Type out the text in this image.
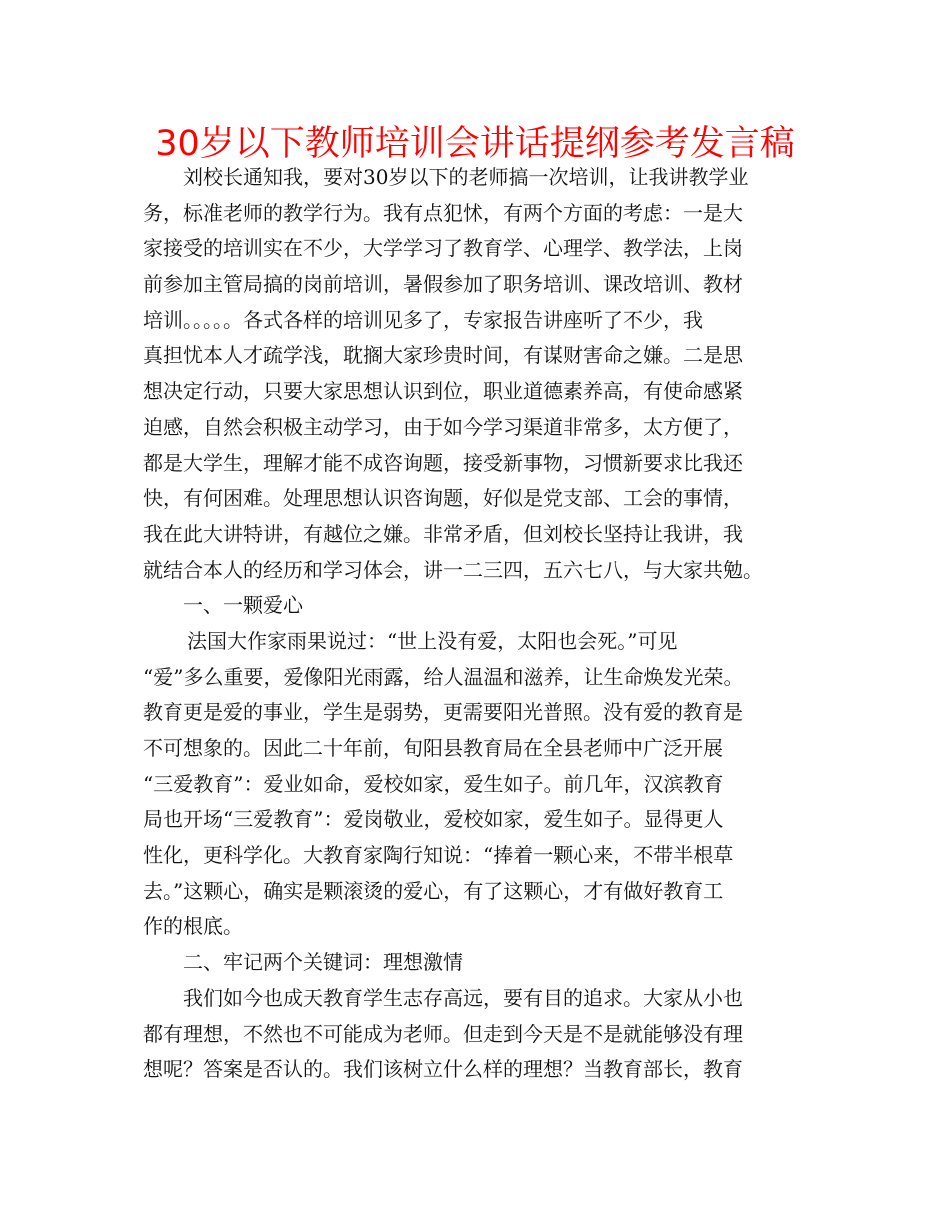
30岁以下教师培训会讲话提纲参考发言稿
刘校长通知我，要对30岁以下的老师搞一次培训，让我讲教学业
务，标准老师的教学行为。我有点犯怵，有两个方面的考虑：一是大
家接受的培训实在不少，大学学习了教育学、心理学、教学法，上岗
前参加主管局搞的岗前培训，暑假参加了职务培训、课改培训、教材
培训。。。。。各式各样的培训见多了，专家报告讲座听了不少，我
真担忧本人才疏学浅，耽搁大家珍贵时间，有谋财害命之嫌。二是思
想决定行动，只要大家思想认识到位，职业道德素养高，有使命感紧
迫感，自然会积极主动学习，由于如今学习渠道非常多，太方便了，
都是大学生，理解才能不成咨询题，接受新事物，习惯新要求比我还
快，有何困难。处理思想认识咨询题，好似是党支部、工会的事情，
我在此大讲特讲，有越位之嫌。非常矛盾，但刘校长坚持让我讲，我
就结合本人的经历和学习体会，讲一二三四，五六七八，与大家共勉。
一、一颗爱心
法国大作家雨果说过：“世上没有爱，太阳也会死。”可见
“爱”多么重要，爱像阳光雨露，给人温温和滋养，让生命焕发光荣。
教育更是爱的事业，学生是弱势，更需要阳光普照。没有爱的教育是
不可想象的。因此二十年前，旬阳县教育局在全县老师中广泛开展
“三爱教育”：爱业如命，爱校如家，爱生如子。前几年，汉滨教育
局也开场“三爱教育”：爱岗敬业，爱校如家，爱生如子。显得更人
性化，更科学化。大教育家陶行知说：“捧着一颗心来，不带半根草
去。”这颗心，确实是颗滚烫的爱心，有了这颗心，才有做好教育工
作的根底。
二、牢记两个关键词：理想激情
我们如今也成天教育学生志存高远，要有目的追求。大家从小也
都有理想，不然也不可能成为老师。但走到今天是不是就能够没有理
想呢？答案是否认的。我们该树立什么样的理想？当教育部长，教育
